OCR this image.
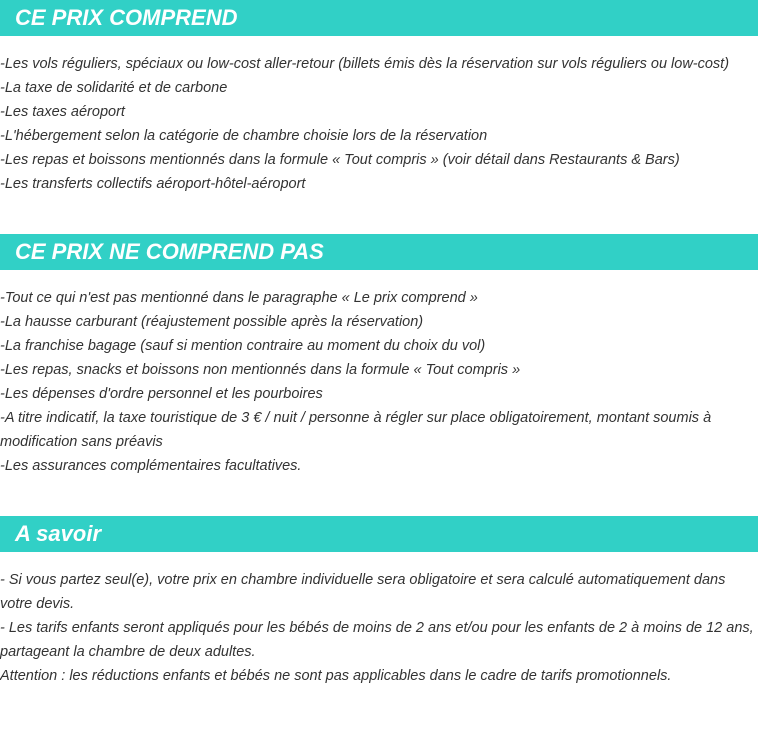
CE PRIX COMPREND
-Les vols réguliers, spéciaux ou low-cost aller-retour (billets émis dès la réservation sur vols réguliers ou low-cost)
-La taxe de solidarité et de carbone
-Les taxes aéroport
-L'hébergement selon la catégorie de chambre choisie lors de la réservation
-Les repas et boissons mentionnés dans la formule « Tout compris » (voir détail dans Restaurants & Bars)
-Les transferts collectifs aéroport-hôtel-aéroport
CE PRIX NE COMPREND PAS
-Tout ce qui n'est pas mentionné dans le paragraphe « Le prix comprend »
-La hausse carburant (réajustement possible après la réservation)
-La franchise bagage (sauf si mention contraire au moment du choix du vol)
-Les repas, snacks et boissons non mentionnés dans la formule « Tout compris »
-Les dépenses d'ordre personnel et les pourboires
-A titre indicatif, la taxe touristique de 3 € / nuit / personne à régler sur place obligatoirement, montant soumis à modification sans préavis
-Les assurances complémentaires facultatives.
A savoir
- Si vous partez seul(e), votre prix en chambre individuelle sera obligatoire et sera calculé automatiquement dans votre devis.
- Les tarifs enfants seront appliqués pour les bébés de moins de 2 ans et/ou pour les enfants de 2 à moins de 12 ans, partageant la chambre de deux adultes.
Attention : les réductions enfants et bébés ne sont pas applicables dans le cadre de tarifs promotionnels.
